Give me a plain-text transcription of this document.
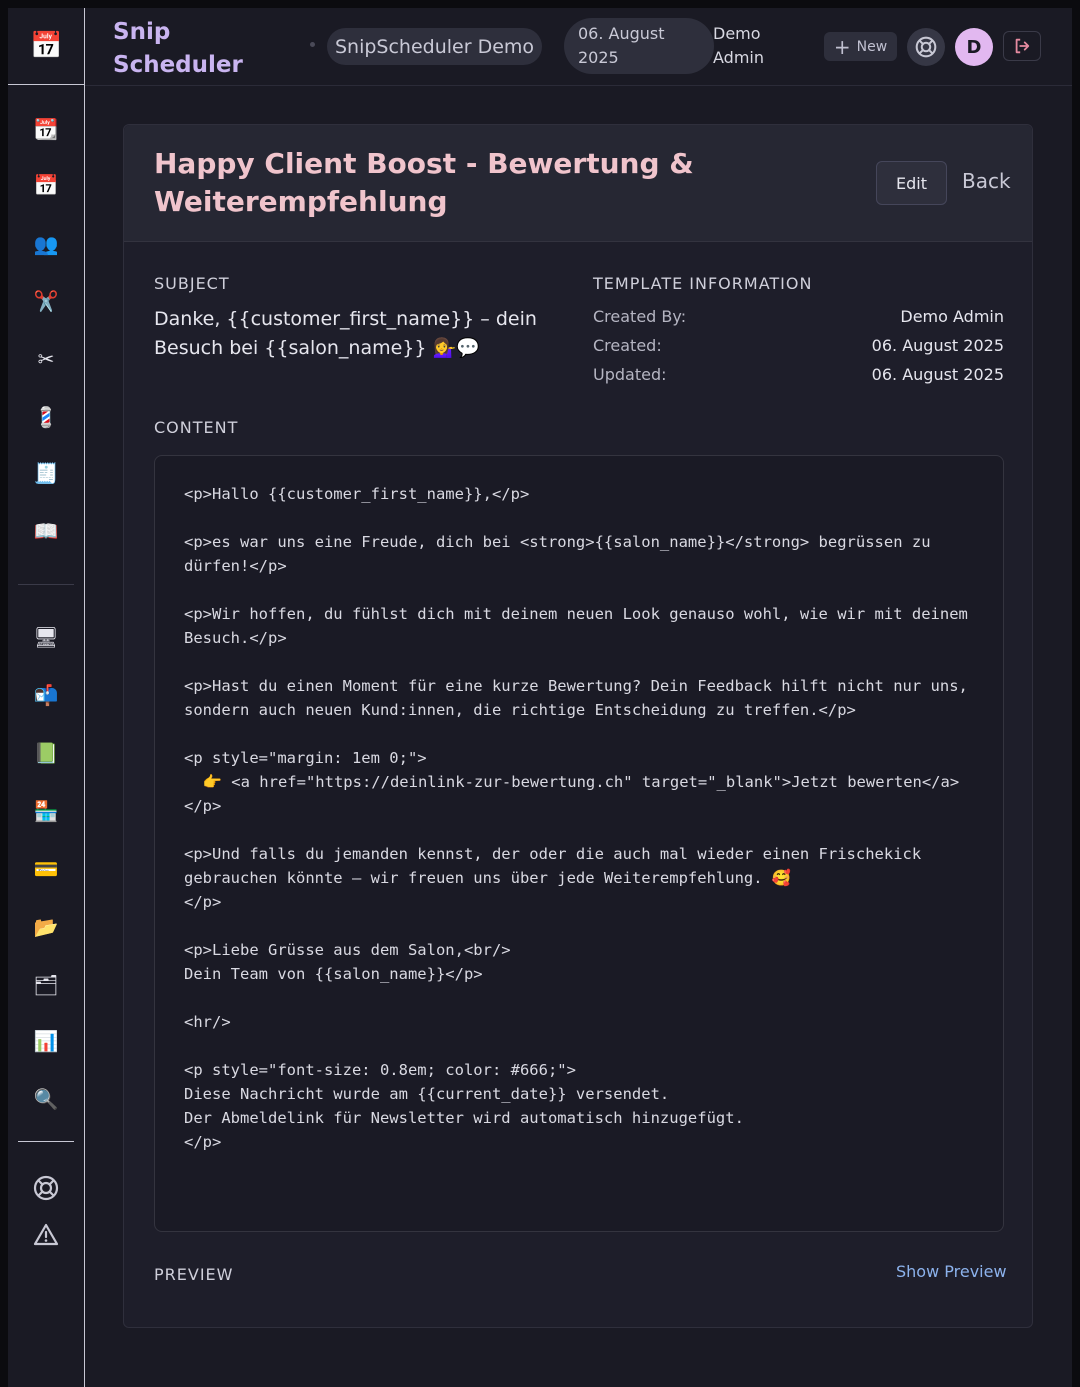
📅
📆
📅
👥
✂️
✂
💈
🧾
📖
🖥
📬
📗
🏪
💳
📂
🗂
📊
🔍
Snip
Scheduler
SnipScheduler Demo
06. August
2025
Demo
Admin	+ New	D
Happy Client Boost - Bewertung & Weiterempfehlung
Edit	Back
SUBJECT
Danke, {{customer_first_name}} – dein Besuch bei {{salon_name}} 💁‍♀️💬
TEMPLATE INFORMATION
Created By:	Demo Admin
Created:	06. August 2025
Updated:	06. August 2025
CONTENT
<p>Hallo {{customer_first_name}},</p>

<p>es war uns eine Freude, dich bei <strong>{{salon_name}}</strong> begrüssen zu dürfen!</p>

<p>Wir hoffen, du fühlst dich mit deinem neuen Look genauso wohl, wie wir mit deinem Besuch.</p>

<p>Hast du einen Moment für eine kurze Bewertung? Dein Feedback hilft nicht nur uns, sondern auch neuen Kund:innen, die richtige Entscheidung zu treffen.</p>

<p style="margin: 1em 0;">
👉 <a href="https://deinlink-zur-bewertung.ch" target="_blank">Jetzt bewerten</a>
</p>

<p>Und falls du jemanden kennst, der oder die auch mal wieder einen Frischekick gebrauchen könnte – wir freuen uns über jede Weiterempfehlung. 🥰
</p>

<p>Liebe Grüsse aus dem Salon,<br/>
Dein Team von {{salon_name}}</p>

<hr/>

<p style="font-size: 0.8em; color: #666;">
Diese Nachricht wurde am {{current_date}} versendet.
Der Abmeldelink für Newsletter wird automatisch hinzugefügt.
</p>
PREVIEW	Show Preview
